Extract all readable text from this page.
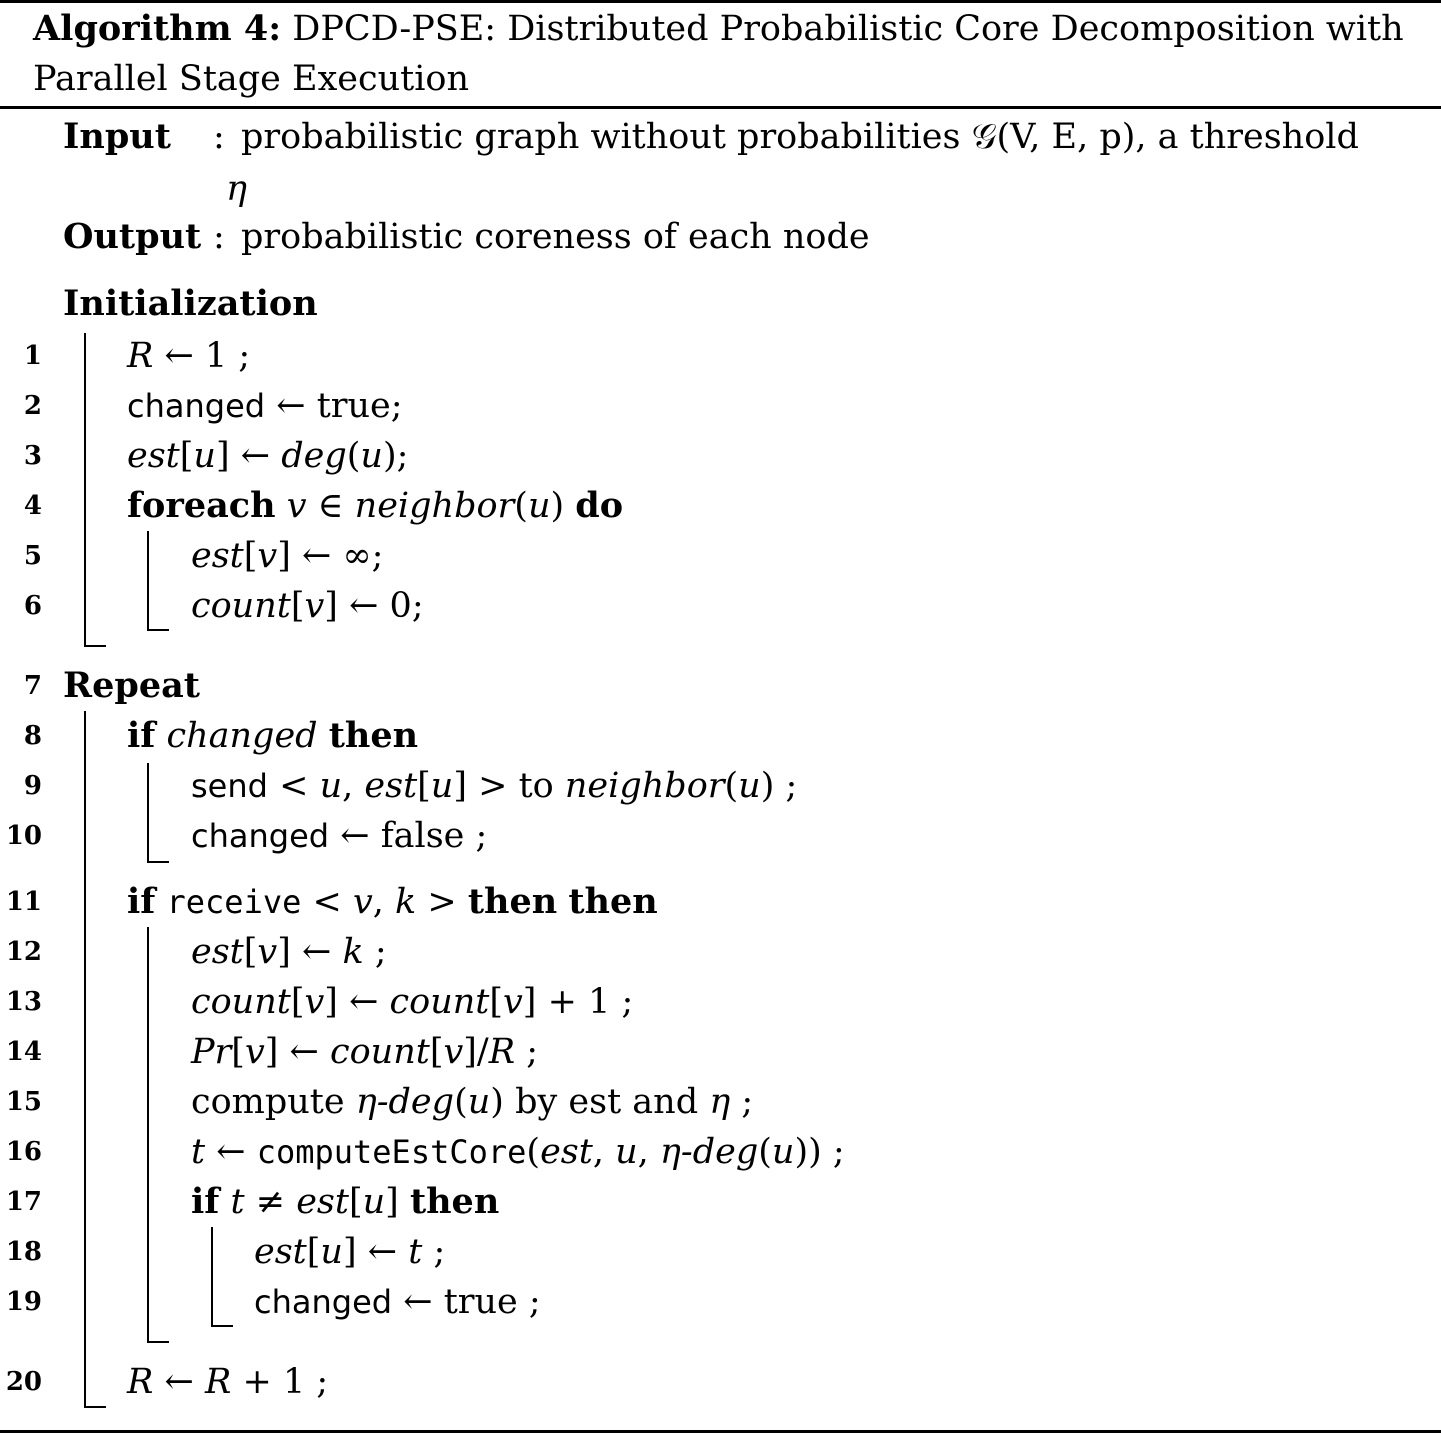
Algorithm 4: DPCD-PSE: Distributed Probabilistic Core Decomposition with Parallel Stage Execution
Input : probabilistic graph without probabilities 𝒢(V, E, p), a threshold
η
Output : probabilistic coreness of each node
Initialization
1
2
3
4
5
6
7
8
9
10
11
12
13
14
15
16
17
18
19
20
R ← 1 ;
changed ← true;
est[u] ← deg(u);
foreach v ∈ neighbor(u) do
est[v] ← ∞;
count[v] ← 0;
Repeat
if changed then
send < u, est[u] > to neighbor(u) ;
changed ← false ;
if receive < v, k > then then
est[v] ← k ;
count[v] ← count[v] + 1 ;
Pr[v] ← count[v]/R ;
compute η-deg(u) by est and η ;
t ← computeEstCore(est, u, η-deg(u)) ;
if t ≠ est[u] then
est[u] ← t ;
changed ← true ;
R ← R + 1 ;
